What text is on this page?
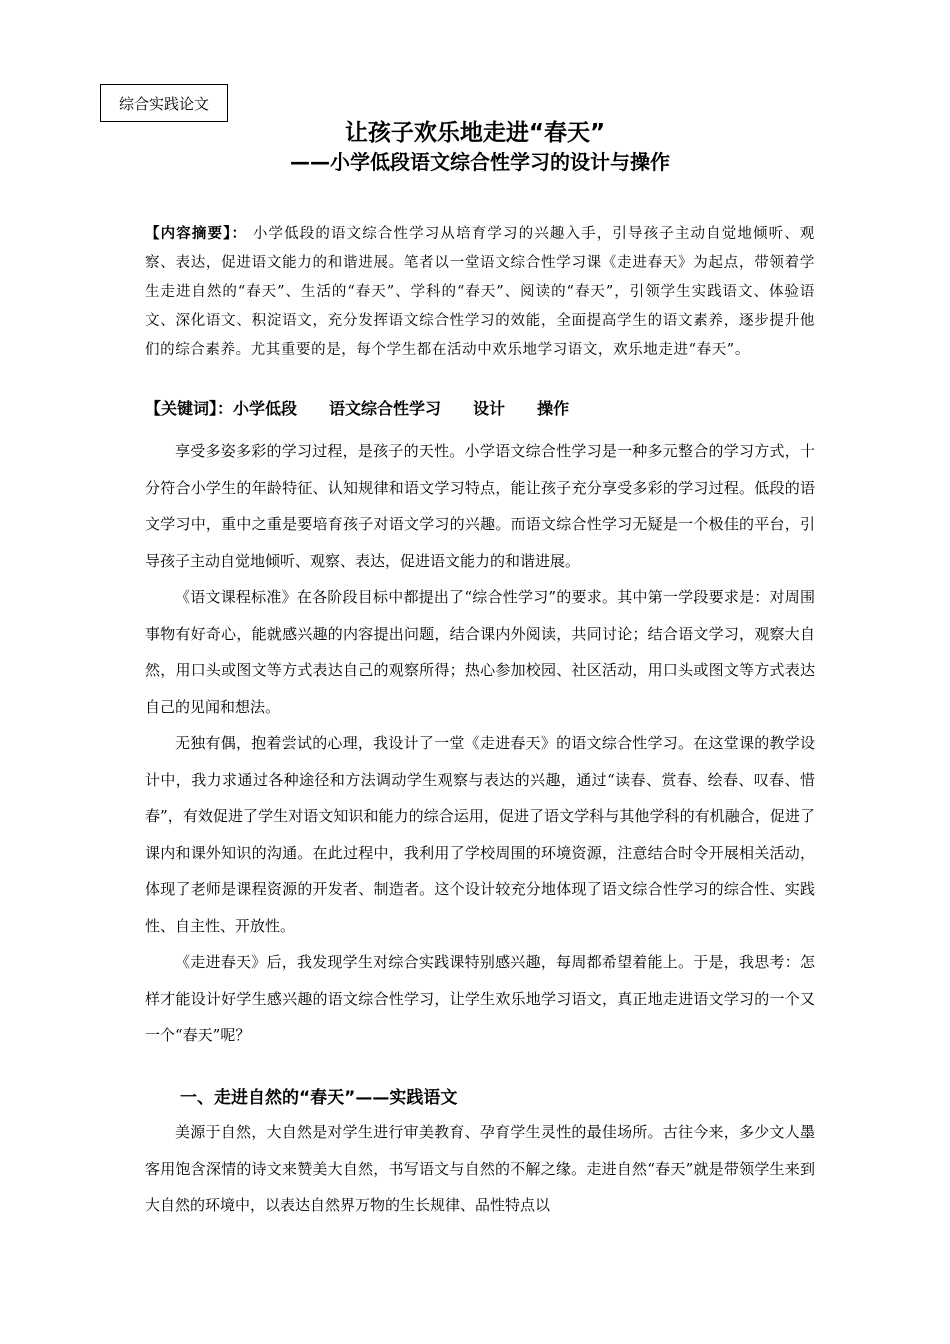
综合实践论文
让孩子欢乐地走进“春天”
——小学低段语文综合性学习的设计与操作
【内容摘要】： 小学低段的语文综合性学习从培育学习的兴趣入手，引导孩子主动自觉地倾听、观察、表达，促进语文能力的和谐进展。笔者以一堂语文综合性学习课《走进春天》为起点，带领着学生走进自然的“春天”、生活的“春天”、学科的“春天”、阅读的“春天”，引领学生实践语文、体验语文、深化语文、积淀语文，充分发挥语文综合性学习的效能，全面提高学生的语文素养，逐步提升他们的综合素养。尤其重要的是，每个学生都在活动中欢乐地学习语文，欢乐地走进“春天”。
【关键词】：小学低段 语文综合性学习 设计 操作

享受多姿多彩的学习过程，是孩子的天性。小学语文综合性学习是一种多元整合的学习方式，十分符合小学生的年龄特征、认知规律和语文学习特点，能让孩子充分享受多彩的学习过程。低段的语文学习中，重中之重是要培育孩子对语文学习的兴趣。而语文综合性学习无疑是一个极佳的平台，引导孩子主动自觉地倾听、观察、表达，促进语文能力的和谐进展。

《语文课程标准》在各阶段目标中都提出了“综合性学习”的要求。其中第一学段要求是：对周围事物有好奇心，能就感兴趣的内容提出问题，结合课内外阅读，共同讨论；结合语文学习，观察大自然，用口头或图文等方式表达自己的观察所得；热心参加校园、社区活动，用口头或图文等方式表达自己的见闻和想法。

无独有偶，抱着尝试的心理，我设计了一堂《走进春天》的语文综合性学习。在这堂课的教学设计中，我力求通过各种途径和方法调动学生观察与表达的兴趣，通过“读春、赏春、绘春、叹春、惜春”，有效促进了学生对语文知识和能力的综合运用，促进了语文学科与其他学科的有机融合，促进了课内和课外知识的沟通。在此过程中，我利用了学校周围的环境资源，注意结合时令开展相关活动，体现了老师是课程资源的开发者、制造者。这个设计较充分地体现了语文综合性学习的综合性、实践性、自主性、开放性。

《走进春天》后，我发现学生对综合实践课特别感兴趣，每周都希望着能上。于是，我思考：怎样才能设计好学生感兴趣的语文综合性学习，让学生欢乐地学习语文，真正地走进语文学习的一个又一个“春天”呢？

一、走进自然的“春天”——实践语文

美源于自然，大自然是对学生进行审美教育、孕育学生灵性的最佳场所。古往今来，多少文人墨客用饱含深情的诗文来赞美大自然，书写语文与自然的不解之缘。走进自然“春天”就是带领学生来到大自然的环境中，以表达自然界万物的生长规律、品性特点以
